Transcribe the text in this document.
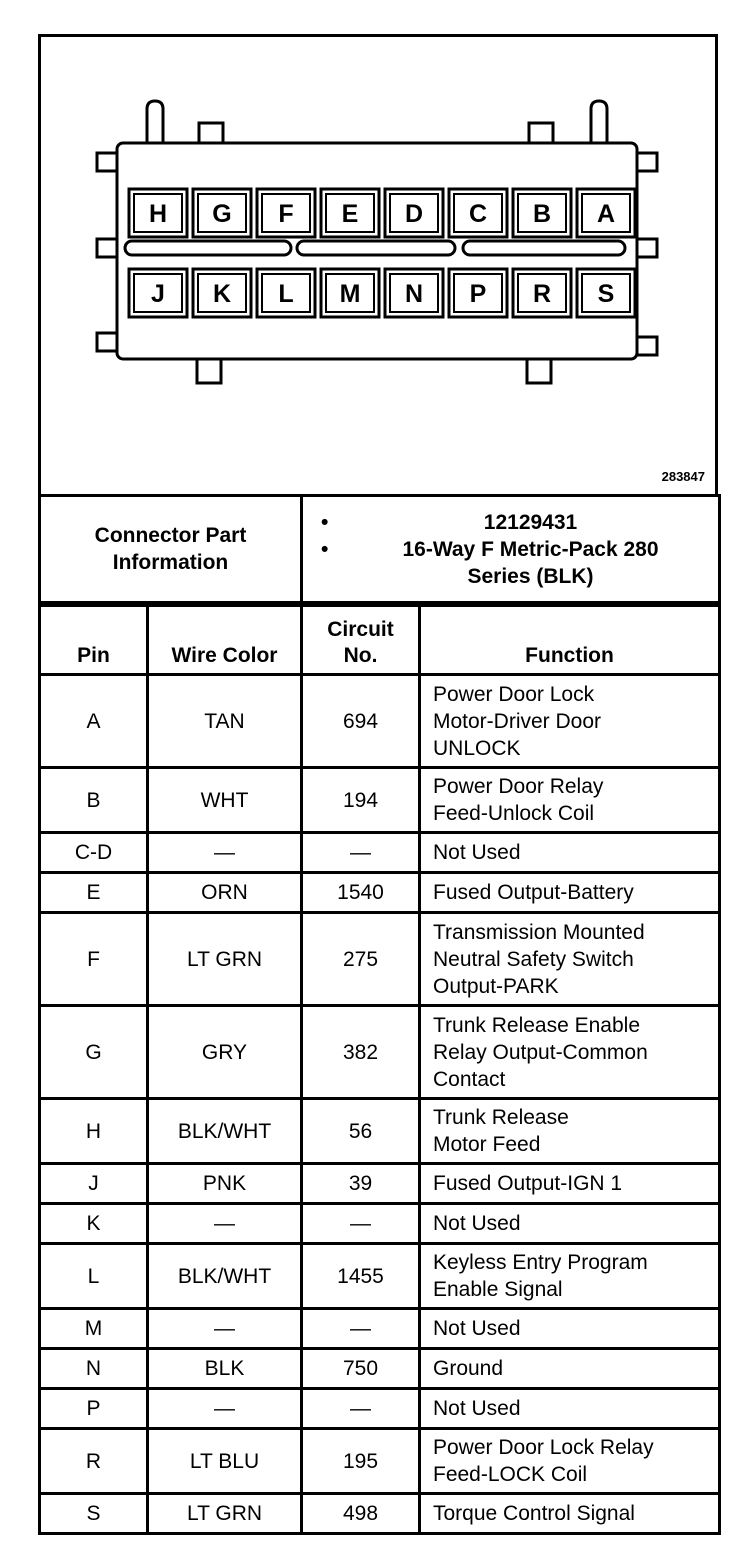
H G F E D C B A
J K L M N P R S
283847
Connector Part
Information

• 12129431
• 16-Way F Metric-Pack 280
Series (BLK)
Pin	Wire Color	Circuit
No.	Function
A	TAN	694	Power Door Lock
Motor-Driver Door
UNLOCK

B	WHT	194	Power Door Relay
Feed-Unlock Coil

C-D	—	—	Not Used

E	ORN	1540	Fused Output-Battery

F	LT GRN	275	Transmission Mounted
Neutral Safety Switch
Output-PARK

G	GRY	382	Trunk Release Enable
Relay Output-Common
Contact

H	BLK/WHT	56	Trunk Release
Motor Feed

J	PNK	39	Fused Output-IGN 1

K	—	—	Not Used

L	BLK/WHT	1455	Keyless Entry Program
Enable Signal

M	—	—	Not Used

N	BLK	750	Ground

P	—	—	Not Used

R	LT BLU	195	Power Door Lock Relay
Feed-LOCK Coil

S	LT GRN	498	Torque Control Signal
